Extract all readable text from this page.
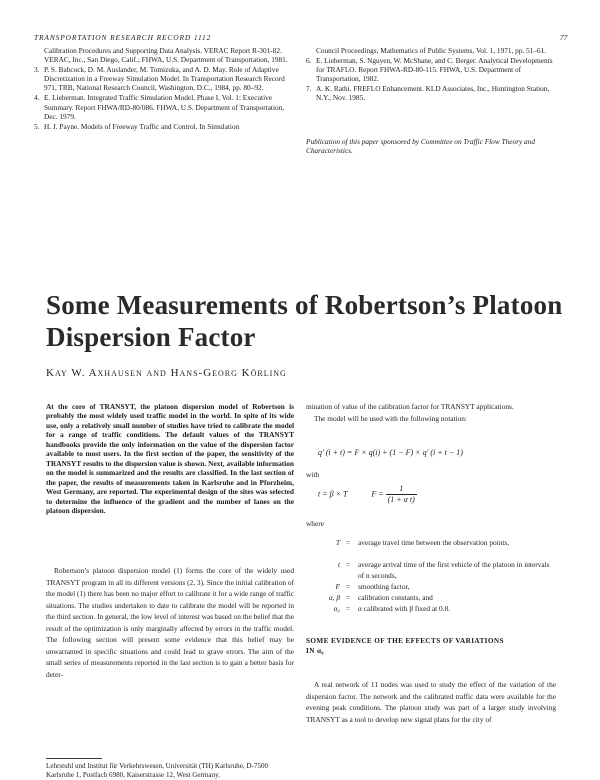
TRANSPORTATION RESEARCH RECORD 1112	77
Calibration Procedures and Supporting Data Analysis. VERAC Report R-301-82. VERAC, Inc., San Diego, Calif.; FHWA, U.S. Department of Transportation, 1981.
3. P. S. Babcock, D. M. Auslander, M. Tomizuka, and A. D. May. Role of Adaptive Discretization in a Freeway Simulation Model. In Transportation Research Record 971, TRB, National Research Council, Washington, D.C., 1984, pp. 80–92.
4. E. Lieberman. Integrated Traffic Simulation Model, Phase I, Vol. 1: Executive Summary. Report FHWA/RD-80/086. FHWA, U.S. Department of Transportation, Dec. 1979.
5. H. J. Payne. Models of Freeway Traffic and Control. In Simulation
Council Proceedings, Mathematics of Public Systems, Vol. 1, 1971, pp. 51–61.
6. E. Lieberman, S. Nguyen, W. McShane, and C. Berger. Analytical Developments for TRAFLO. Report FHWA-RD-80-115. FHWA, U.S. Department of Transportation, 1982.
7. A. K. Rathi. FREFLO Enhancement. KLD Associates, Inc., Huntington Station, N.Y., Nov. 1985.
Publication of this paper sponsored by Committee on Traffic Flow Theory and Characteristics.
Some Measurements of Robertson’s Platoon Dispersion Factor
Kay W. Axhausen and Hans-Georg Körling
At the core of TRANSYT, the platoon dispersion model of Robertson is probably the most widely used traffic model in the world. In spite of its wide use, only a relatively small number of studies have tried to calibrate the model for a range of traffic conditions. The default values of the TRANSYT handbooks provide the only information on the value of the dispersion factor available to most users. In the first section of the paper, the sensitivity of the TRANSYT results to the dispersion value is shown. Next, available information on the model is summarized and the results are classified. In the last section of the paper, the results of measurements taken in Karlsruhe and in Pforzheim, West Germany, are reported. The experimental design of the sites was selected to determine the influence of the gradient and the number of lanes on the platoon dispersion.

Robertson’s platoon dispersion model (1) forms the core of the widely used TRANSYT program in all its different versions (2, 3). Since the initial calibration of the model (1) there has been no major effort to calibrate it for a wide range of traffic situations. The studies undertaken to date to calibrate the model will be reported in the third section. In general, the low level of interest was based on the belief that the result of the optimization is only marginally affected by errors in the traffic model. The following section will present some evidence that this belief may be unwarranted in specific situations and could lead to grave errors. The aim of the small series of measurements reported in the last section is to gain a better basis for deter-

Lehrstuhl und Institut für Verkehrswesen, Universität (TH) Karlsruhe, D-7500 Karlsruhe 1, Postfach 6980, Kaiserstrasse 12, West Germany.

mination of value of the calibration factor for TRANSYT applications.

The model will be used with the following notation:

q′ (i + t) = F × q(i) + (1 − F) × q′ (i + t − 1)
with
t = β × T	$F = \frac{1}{\text{(1 + α t)}}$
where
T = average travel time between the observation points,
t = average arrival time of the first vehicle of the platoon in intervals of n seconds,
F = smoothing factor,
α, β = calibration constants, and
α₀ = α calibrated with β fixed at 0.8.
SOME EVIDENCE OF THE EFFECTS OF VARIATIONS IN α₀

A real network of 11 nodes was used to study the effect of the variation of the dispersion factor. The network and the calibrated traffic data were available for the evening peak conditions. The platoon study was part of a larger study involving TRANSYT as a tool to develop new signal plans for the city of
